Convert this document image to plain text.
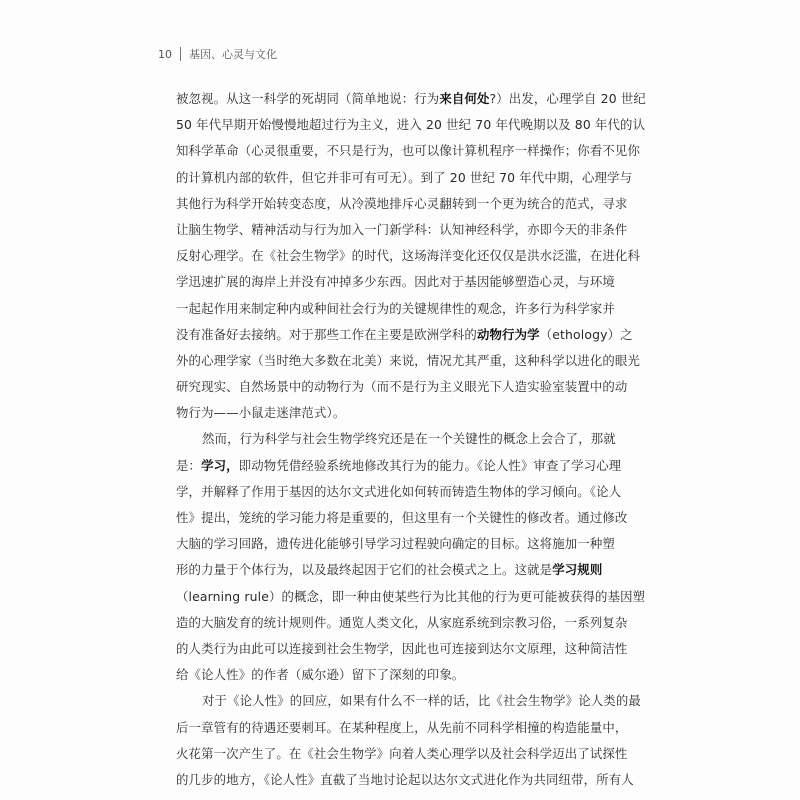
10 基因、心灵与文化
被忽视。从这一科学的死胡同（简单地说：行为来自何处?）出发，心理学自 20 世纪
50 年代早期开始慢慢地超过行为主义，进入 20 世纪 70 年代晚期以及 80 年代的认
知科学革命（心灵很重要，不只是行为，也可以像计算机程序一样操作；你看不见你
的计算机内部的软件，但它并非可有可无）。到了 20 世纪 70 年代中期，心理学与
其他行为科学开始转变态度，从冷漠地排斥心灵翻转到一个更为统合的范式，寻求
让脑生物学、精神活动与行为加入一门新学科：认知神经科学，亦即今天的非条件
反射心理学。在《社会生物学》的时代，这场海洋变化还仅仅是洪水泛滥，在进化科
学迅速扩展的海岸上并没有冲掉多少东西。因此对于基因能够塑造心灵，与环境
一起起作用来制定种内或种间社会行为的关键规律性的观念，许多行为科学家并
没有准备好去接纳。对于那些工作在主要是欧洲学科的动物行为学（ethology）之
外的心理学家（当时绝大多数在北美）来说，情况尤其严重，这种科学以进化的眼光
研究现实、自然场景中的动物行为（而不是行为主义眼光下人造实验室装置中的动
物行为——小鼠走迷津范式）。
然而，行为科学与社会生物学终究还是在一个关键性的概念上会合了，那就
是：学习，即动物凭借经验系统地修改其行为的能力。《论人性》审查了学习心理
学，并解释了作用于基因的达尔文式进化如何转而铸造生物体的学习倾向。《论人
性》提出，笼统的学习能力将是重要的，但这里有一个关键性的修改者。通过修改
大脑的学习回路，遗传进化能够引导学习过程驶向确定的目标。这将施加一种塑
形的力量于个体行为，以及最终起因于它们的社会模式之上。这就是学习规则
（learning rule）的概念，即一种由使某些行为比其他的行为更可能被获得的基因塑
造的大脑发育的统计规则件。通览人类文化，从家庭系统到宗教习俗，一系列复杂
的人类行为由此可以连接到社会生物学，因此也可连接到达尔文原理，这种简洁性
给《论人性》的作者（威尔逊）留下了深刻的印象。
对于《论人性》的回应，如果有什么不一样的话，比《社会生物学》论人类的最
后一章管有的待遇还要刺耳。在某种程度上，从先前不同科学相撞的构造能量中，
火花第一次产生了。在《社会生物学》向着人类心理学以及社会科学迈出了试探性
的几步的地方，《论人性》直截了当地讨论起以达尔文式进化作为共同纽带，所有人
